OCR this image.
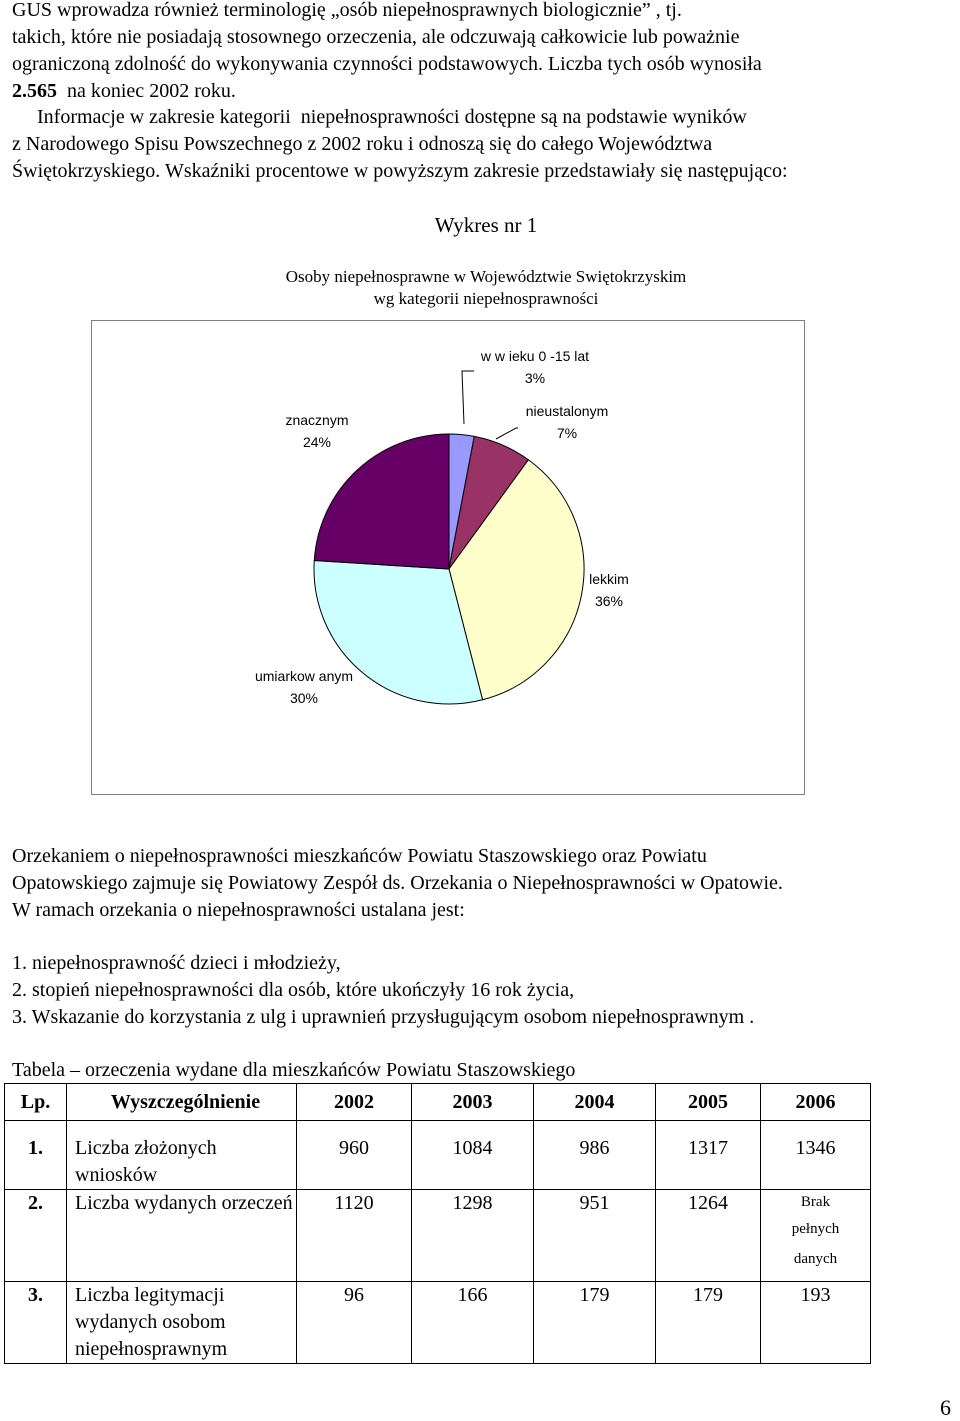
GUS wprowadza również terminologię „osób niepełnosprawnych biologicznie” , tj.
takich, które nie posiadają stosownego orzeczenia, ale odczuwają całkowicie lub poważnie
ograniczoną zdolność do wykonywania czynności podstawowych. Liczba tych osób wynosiła
2.565  na koniec 2002 roku.
Informacje w zakresie kategorii  niepełnosprawności dostępne są na podstawie wyników
z Narodowego Spisu Powszechnego z 2002 roku i odnoszą się do całego Województwa
Świętokrzyskiego. Wskaźniki procentowe w powyższym zakresie przedstawiały się następująco:
Wykres nr 1
Osoby niepełnosprawne w Województwie Swiętokrzyskim
wg kategorii niepełnosprawności
w w ieku 0 -15 lat
3%
nieustalonym
7%
lekkim
36%
umiarkow anym
30%
znacznym
24%
Orzekaniem o niepełnosprawności mieszkańców Powiatu Staszowskiego oraz Powiatu
Opatowskiego zajmuje się Powiatowy Zespół ds. Orzekania o Niepełnosprawności w Opatowie.
W ramach orzekania o niepełnosprawności ustalana jest:
1. niepełnosprawność dzieci i młodzieży,
2. stopień niepełnosprawności dla osób, które ukończyły 16 rok życia,
3. Wskazanie do korzystania z ulg i uprawnień przysługującym osobom niepełnosprawnym .
Tabela – orzeczenia wydane dla mieszkańców Powiatu Staszowskiego
Lp.	Wyszczególnienie	2002	2003	2004	2005	2006
1.	Liczba złożonych wniosków	960	1084	986	1317	1346
2.	Liczba wydanych orzeczeń	1120	1298	951	1264	Brak
pełnych
danych

3.	Liczba legitymacji wydanych osobom niepełnosprawnym	96	166	179	179	193
6
